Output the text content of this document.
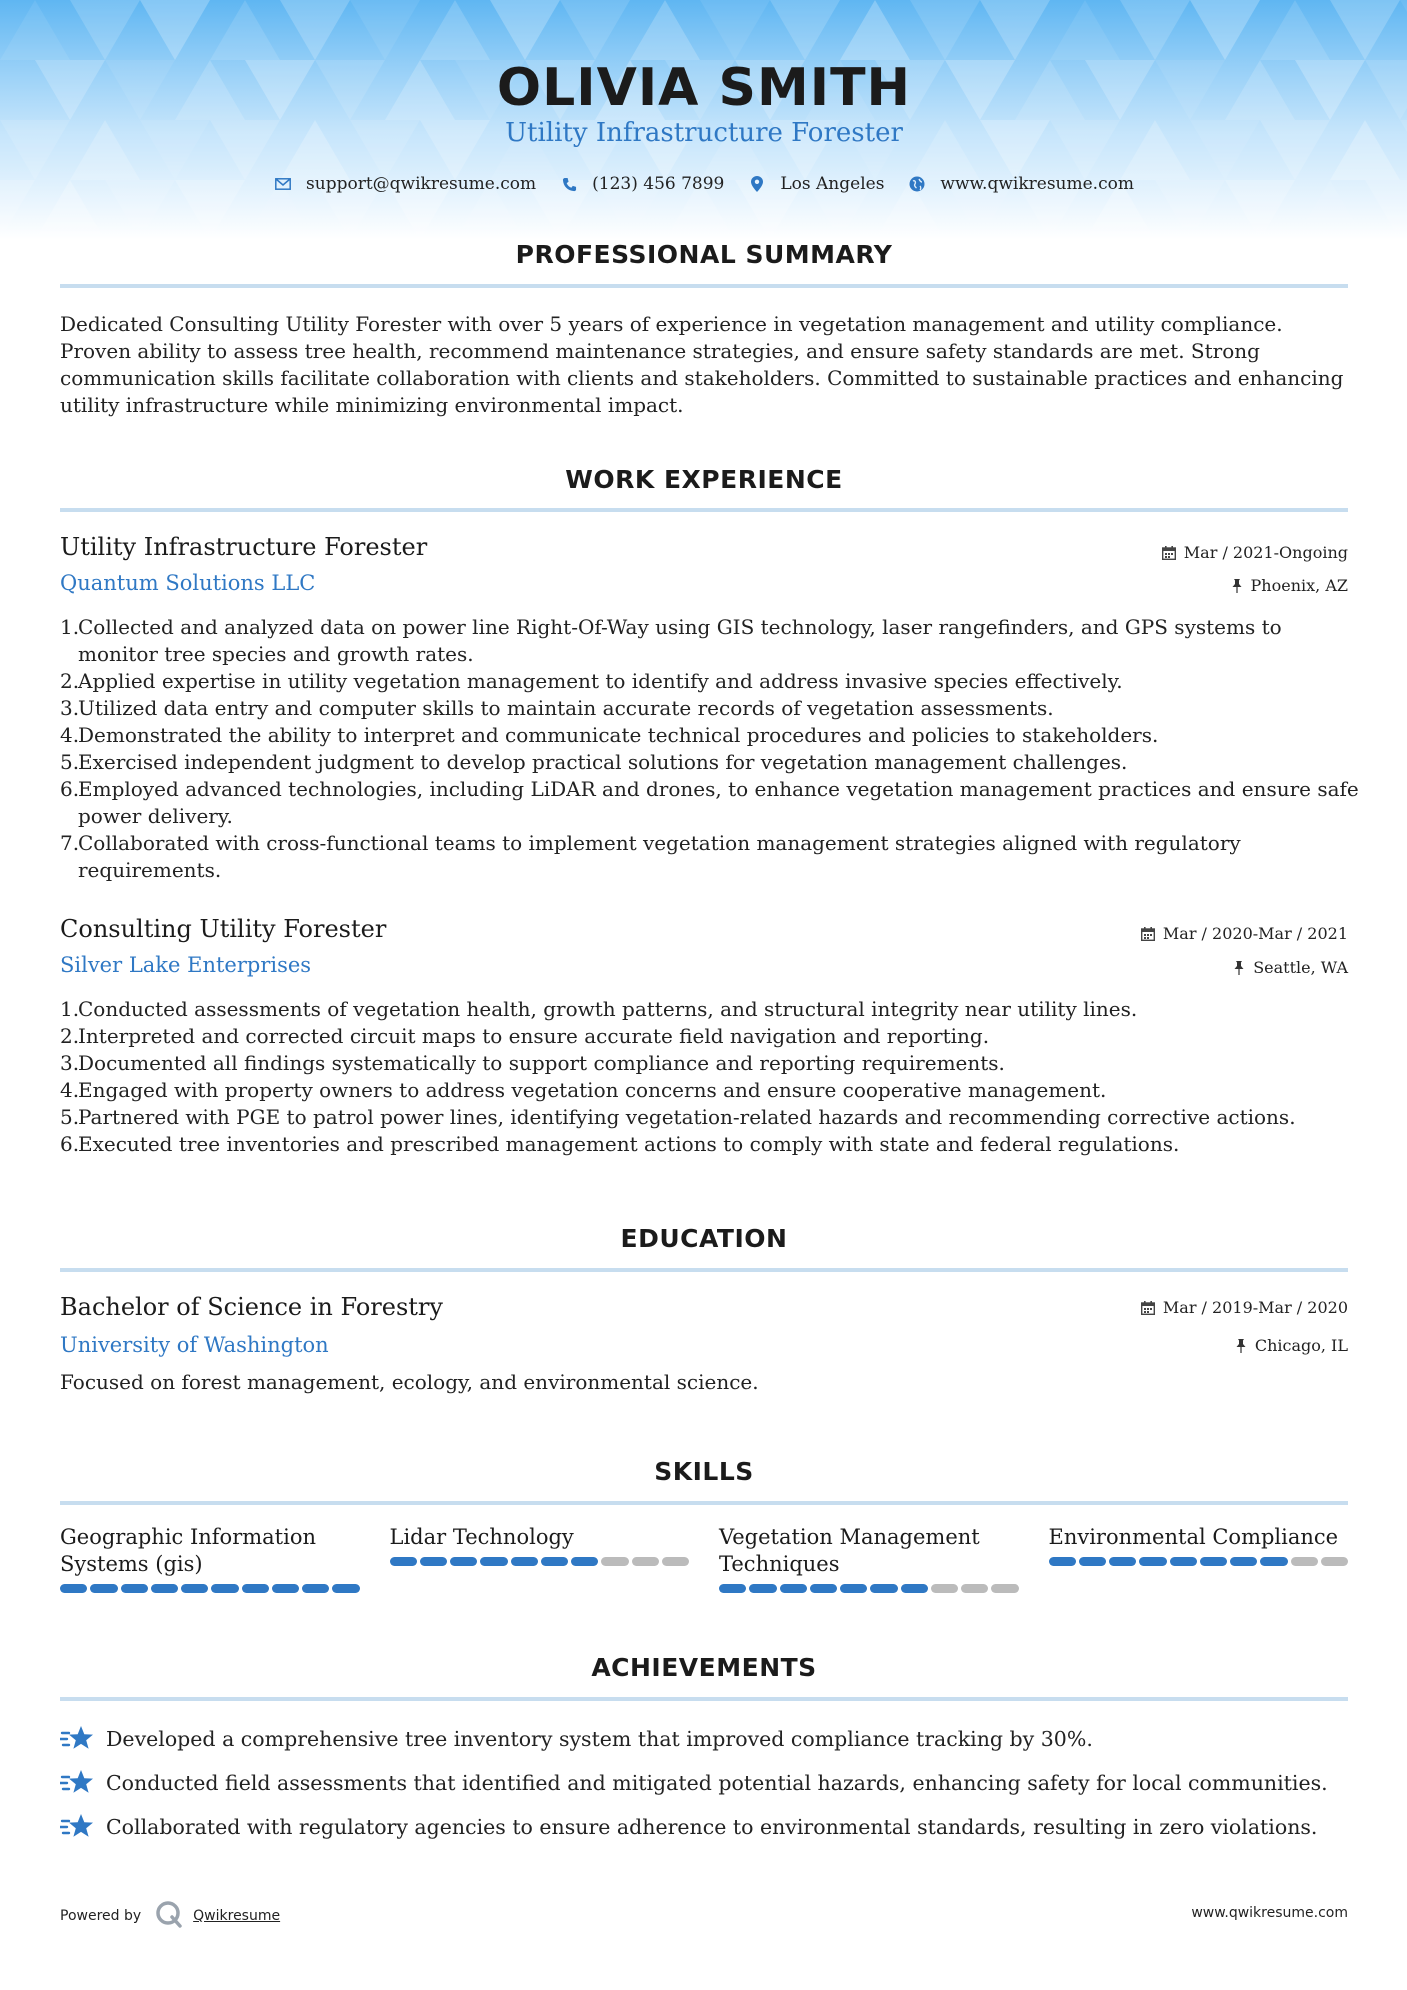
OLIVIA SMITH
Utility Infrastructure Forester
support@qwikresume.com	(123) 456 7899	Los Angeles	www.qwikresume.com
PROFESSIONAL SUMMARY
Dedicated Consulting Utility Forester with over 5 years of experience in vegetation management and utility compliance. Proven ability to assess tree health, recommend maintenance strategies, and ensure safety standards are met. Strong communication skills facilitate collaboration with clients and stakeholders. Committed to sustainable practices and enhancing utility infrastructure while minimizing environmental impact.
WORK EXPERIENCE
Utility Infrastructure Forester	Mar / 2021-Ongoing
Quantum Solutions LLC	Phoenix, AZ
1.
Collected and analyzed data on power line Right-Of-Way using GIS technology, laser rangefinders, and GPS systems to monitor tree species and growth rates.
2.
Applied expertise in utility vegetation management to identify and address invasive species effectively.
3.
Utilized data entry and computer skills to maintain accurate records of vegetation assessments.
4.
Demonstrated the ability to interpret and communicate technical procedures and policies to stakeholders.
5.
Exercised independent judgment to develop practical solutions for vegetation management challenges.
6.
Employed advanced technologies, including LiDAR and drones, to enhance vegetation management practices and ensure safe power delivery.
7.
Collaborated with cross-functional teams to implement vegetation management strategies aligned with regulatory requirements.
Consulting Utility Forester	Mar / 2020-Mar / 2021
Silver Lake Enterprises	Seattle, WA
1.
Conducted assessments of vegetation health, growth patterns, and structural integrity near utility lines.
2.
Interpreted and corrected circuit maps to ensure accurate field navigation and reporting.
3.
Documented all findings systematically to support compliance and reporting requirements.
4.
Engaged with property owners to address vegetation concerns and ensure cooperative management.
5.
Partnered with PGE to patrol power lines, identifying vegetation-related hazards and recommending corrective actions.
6.
Executed tree inventories and prescribed management actions to comply with state and federal regulations.
EDUCATION
Bachelor of Science in Forestry	Mar / 2019-Mar / 2020
University of Washington	Chicago, IL
Focused on forest management, ecology, and environmental science.
SKILLS
Geographic Information Systems (gis)
Lidar Technology	Vegetation Management Techniques
Environmental Compliance
ACHIEVEMENTS
Developed a comprehensive tree inventory system that improved compliance tracking by 30%.
Conducted field assessments that identified and mitigated potential hazards, enhancing safety for local communities.
Collaborated with regulatory agencies to ensure adherence to environmental standards, resulting in zero violations.
Powered by	Qwikresume	www.qwikresume.com
